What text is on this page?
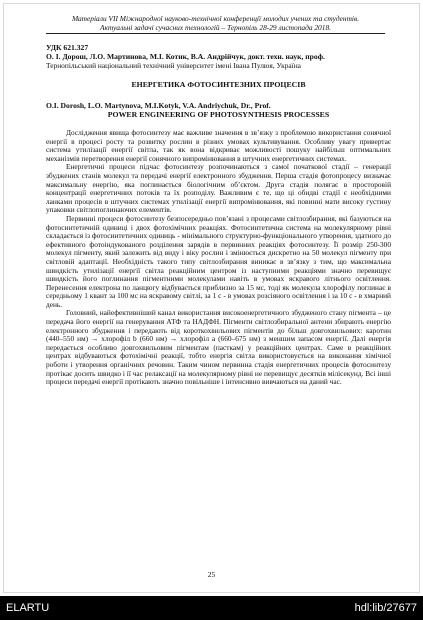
Матеріали VII Міжнародної науково-технічної конференції молодих учених та студентів.
Актуальні задачі сучасних технологій – Тернопіль 28-29 листопада 2018.
УДК 621.327
О. І. Дорош, Л.О. Мартинова, М.І. Котик, В.А. Андрійчук, докт. техн. наук, проф.
Тернопільський національний технічний університет імені Івана Пулюя, Україна
ЕНЕРГЕТИКА ФОТОСИНТЕЗНИХ ПРОЦЕСІВ
O.I. Dorosh, L.O. Martynova, M.I.Kotyk, V.A. Andriychuk, Dr., Prof.
POWER ENGINEERING OF PHOTOSYNTHESIS PROCESSES

Дослідження явища фотосинтезу має важливе значення в зв’язку з проблемою використання сонячної енергії в процесі росту та розвитку рослин в різних умовах культивування. Особливу увагу привертає система утилізації енергії світла, так як вона відкриває можливості пошуку найбільш оптимальних механізмів перетворення енергії сонячного випромінювання в штучних енергетичних системах.

Енергетичні процеси підчас фотосинтезу розпочинаються з самої початкової стадії – генерації збуджених станів молекул та передачі енергії електронного збудження. Перша стадія фотопроцесу визначає максимальну енергію, яка поглинається біологічним об’єктом. Друга стадія полягає в просторовій концентрації енергетичних потоків та їх розподілу. Важливим є те, що ці обидві стадії є необхідними ланками процесів в штучних системах утилізації енергії випромінювання, які повинні мати високу густину упаковки світлопоглинаючих елементів.

Первинні процеси фотосинтезу безпосередньо пов’язані з процесами світлозбирання, які базуються на фотосинтетичній одиниці і двох фотохімічних реакціях. Фотосинтетична система на молекулярному рівні складається із фотосинтетичних одиниць - мінімального структурно-функціонального утворення, здатного до ефективного фотоіндукованого розділення зарядів в первинних реакціях фотосинтезу. Її розмір 250-300 молекул пігменту, який залежить від виду і віку рослин і змінюється дискретно на 50 молекул пігменту при світловій адаптації. Необхідність такого типу світлозбирання виникає в зв’язку з тим, що максимальна швидкість утилізації енергії світла реакційним центром із наступними реакціями значно перевищує швидкість його поглинання пігментними молекулами навіть в умовах яскравого літнього освітлення. Перенесення електрона по ланцюгу відбувається приблизно за 15 мс, тоді як молекула хлорофілу поглинає в середньому 1 квант за 100 мс на яскравому світлі, за 1 с - в умовах розсіяного освітлення і за 10 с - в хмарний день.

Головний, найефективніший канал використання високоенергетичного збудженого стану пігмента – це передача його енергії на генерування АТФ та НАДФН. Пігменти світлозбиральної антени збирають енергію електронного збудження і передають від короткохвильових пігментів до більш довгохвильових: каротин (440–550 нм) → хлорофіл b (660 нм) → хлорофіл a (660–675 нм) з меншим запасом енергії. Далі енергія передається особливо довгохвильовим пігментам (пасткам) у реакційних центрах. Саме в реакційних центрах відбуваються фотохімічні реакції, тобто енергія світла використовується на виконання хімічної роботи і утворення органічних речовин. Таким чином первинна стадія енергетичних процесів фотосинтезу протікає досить швидко і її час релаксації на молекулярному рівні не перевищує десятків мілісекунд. Всі інші процеси передачі енергії протікають значно повільніше і інтенсивно вивчаються на даний час.

25
ELARTU	hdl:lib/27677
